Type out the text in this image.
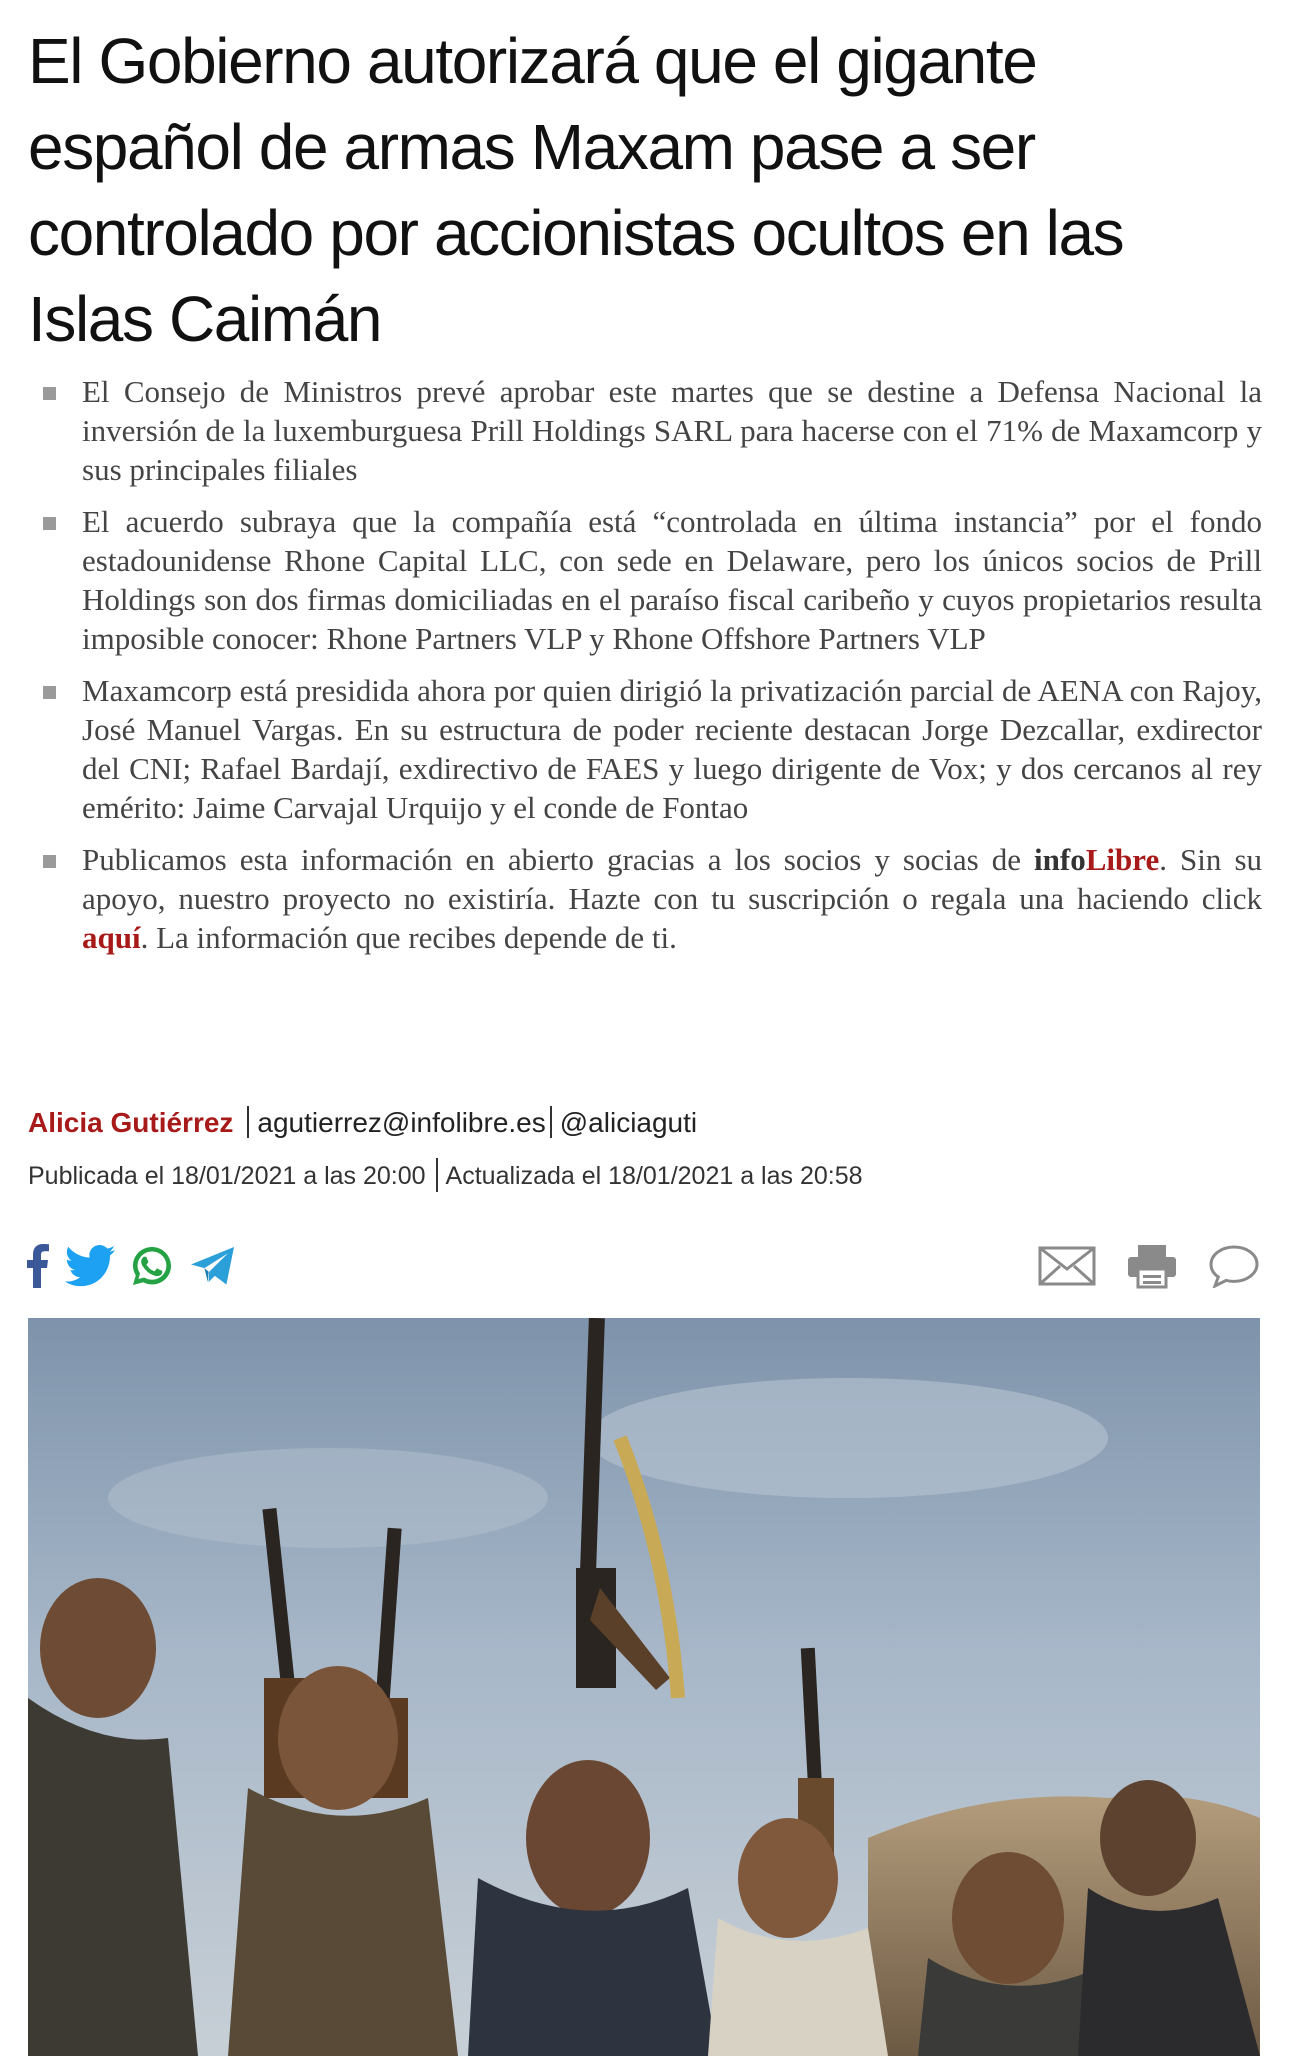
El Gobierno autorizará que el gigante español de armas Maxam pase a ser controlado por accionistas ocultos en las Islas Caimán
El Consejo de Ministros prevé aprobar este martes que se destine a Defensa Nacional la inversión de la luxemburguesa Prill Holdings SARL para hacerse con el 71% de Maxamcorp y sus principales filiales
El acuerdo subraya que la compañía está “controlada en última instancia” por el fondo estadounidense Rhone Capital LLC, con sede en Delaware, pero los únicos socios de Prill Holdings son dos firmas domiciliadas en el paraíso fiscal caribeño y cuyos propietarios resulta imposible conocer: Rhone Partners VLP y Rhone Offshore Partners VLP
Maxamcorp está presidida ahora por quien dirigió la privatización parcial de AENA con Rajoy, José Manuel Vargas. En su estructura de poder reciente destacan Jorge Dezcallar, exdirector del CNI; Rafael Bardají, exdirectivo de FAES y luego dirigente de Vox; y dos cercanos al rey emérito: Jaime Carvajal Urquijo y el conde de Fontao
Publicamos esta información en abierto gracias a los socios y socias de infoLibre. Sin su apoyo, nuestro proyecto no existiría. Hazte con tu suscripción o regala una haciendo click aquí. La información que recibes depende de ti.
Alicia Gutiérrez agutierrez@infolibre.es @aliciaguti
Publicada el 18/01/2021 a las 20:00 Actualizada el 18/01/2021 a las 20:58
